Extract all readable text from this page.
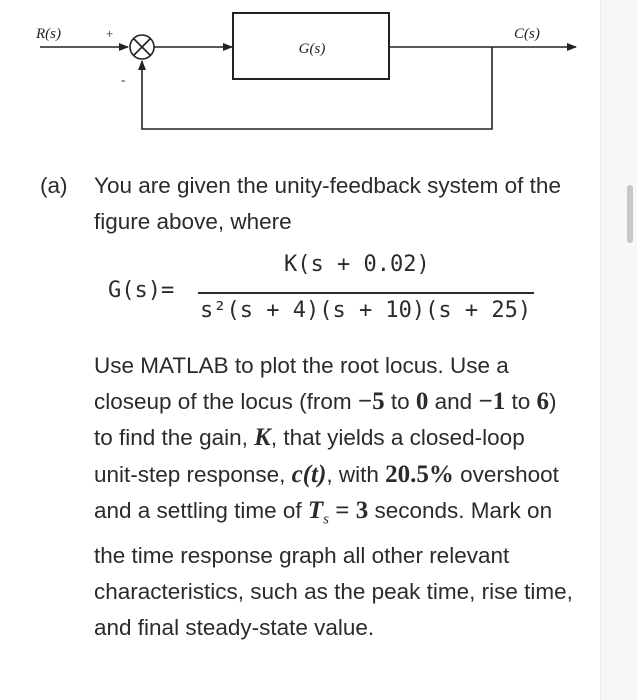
R(s)	+
-
G(s)
C(s)
(a) You are given the unity-feedback system of the figure above, where
G(s)=
K(s + 0.02)
s²(s + 4)(s + 10)(s + 25)
Use MATLAB to plot the root locus. Use a closeup of the locus (from −5 to 0 and −1 to 6) to find the gain, K, that yields a closed-loop unit-step response, c(t), with 20.5% overshoot and a settling time of $T_s = 3$ seconds. Mark on the time response graph all other relevant characteristics, such as the peak time, rise time, and final steady-state value.
